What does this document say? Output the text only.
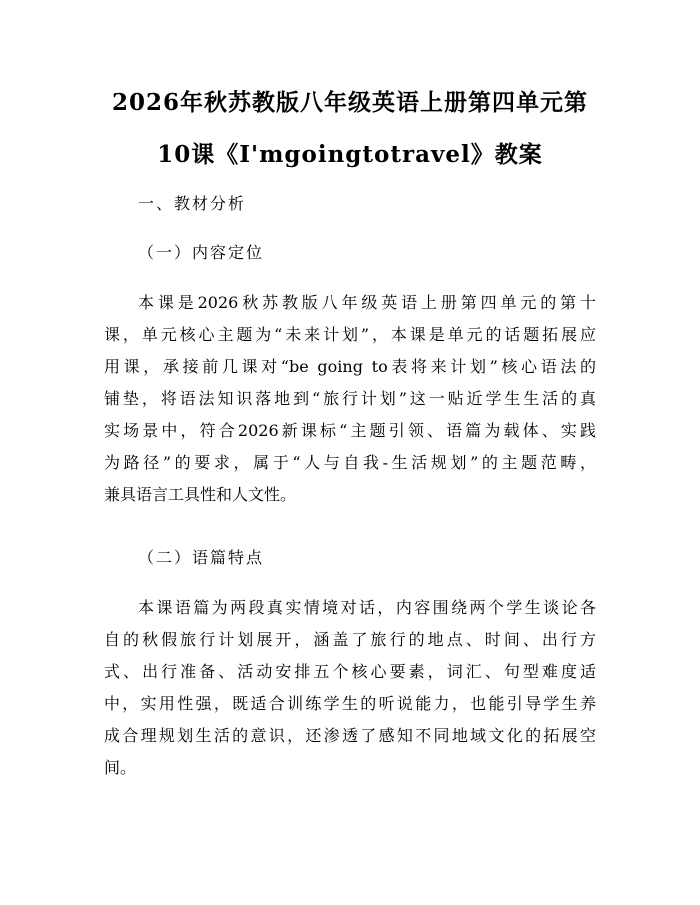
2026年秋苏教版八年级英语上册第四单元第
10课《I'mgoingtotravel》教案

一、教材分析

（一）内容定位

本课是2026秋苏教版八年级英语上册第四单元的第十
课，单元核心主题为“未来计划”，本课是单元的话题拓展应
用课，承接前几课对“be going to表将来计划”核心语法的
铺垫，将语法知识落地到“旅行计划”这一贴近学生生活的真
实场景中，符合2026新课标“主题引领、语篇为载体、实践
为路径”的要求，属于“人与自我-生活规划”的主题范畴，
兼具语言工具性和人文性。

（二）语篇特点

本课语篇为两段真实情境对话，内容围绕两个学生谈论各
自的秋假旅行计划展开，涵盖了旅行的地点、时间、出行方
式、出行准备、活动安排五个核心要素，词汇、句型难度适
中，实用性强，既适合训练学生的听说能力，也能引导学生养
成合理规划生活的意识，还渗透了感知不同地域文化的拓展空
间。
